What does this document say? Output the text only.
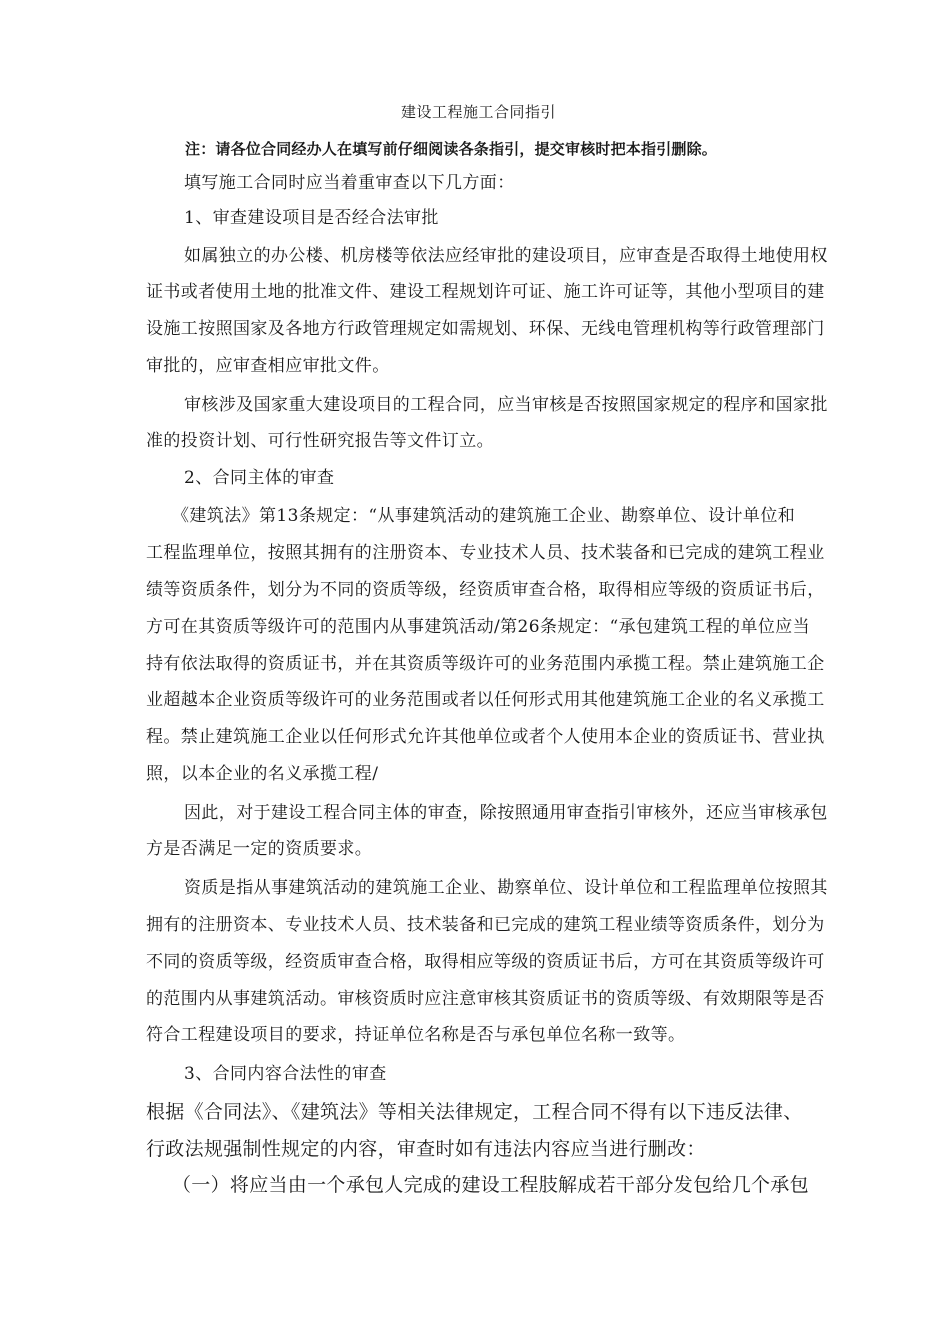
建设工程施工合同指引
注：请各位合同经办人在填写前仔细阅读各条指引，提交审核时把本指引删除。
填写施工合同时应当着重审查以下几方面：
1、审查建设项目是否经合法审批
如属独立的办公楼、机房楼等依法应经审批的建设项目，应审查是否取得土地使用权
证书或者使用土地的批准文件、建设工程规划许可证、施工许可证等，其他小型项目的建
设施工按照国家及各地方行政管理规定如需规划、环保、无线电管理机构等行政管理部门
审批的，应审查相应审批文件。
审核涉及国家重大建设项目的工程合同，应当审核是否按照国家规定的程序和国家批
准的投资计划、可行性研究报告等文件订立。
2、合同主体的审查
《建筑法》第13条规定：“从事建筑活动的建筑施工企业、勘察单位、设计单位和
工程监理单位，按照其拥有的注册资本、专业技术人员、技术装备和已完成的建筑工程业
绩等资质条件，划分为不同的资质等级，经资质审查合格，取得相应等级的资质证书后，
方可在其资质等级许可的范围内从事建筑活动/第26条规定：“承包建筑工程的单位应当
持有依法取得的资质证书，并在其资质等级许可的业务范围内承揽工程。禁止建筑施工企
业超越本企业资质等级许可的业务范围或者以任何形式用其他建筑施工企业的名义承揽工
程。禁止建筑施工企业以任何形式允许其他单位或者个人使用本企业的资质证书、营业执
照，以本企业的名义承揽工程/
因此，对于建设工程合同主体的审查，除按照通用审查指引审核外，还应当审核承包
方是否满足一定的资质要求。
资质是指从事建筑活动的建筑施工企业、勘察单位、设计单位和工程监理单位按照其
拥有的注册资本、专业技术人员、技术装备和已完成的建筑工程业绩等资质条件，划分为
不同的资质等级，经资质审查合格，取得相应等级的资质证书后，方可在其资质等级许可
的范围内从事建筑活动。审核资质时应注意审核其资质证书的资质等级、有效期限等是否
符合工程建设项目的要求，持证单位名称是否与承包单位名称一致等。
3、合同内容合法性的审查
根据《合同法》、《建筑法》等相关法律规定，工程合同不得有以下违反法律、
行政法规强制性规定的内容，审查时如有违法内容应当进行删改：
（一）将应当由一个承包人完成的建设工程肢解成若干部分发包给几个承包
